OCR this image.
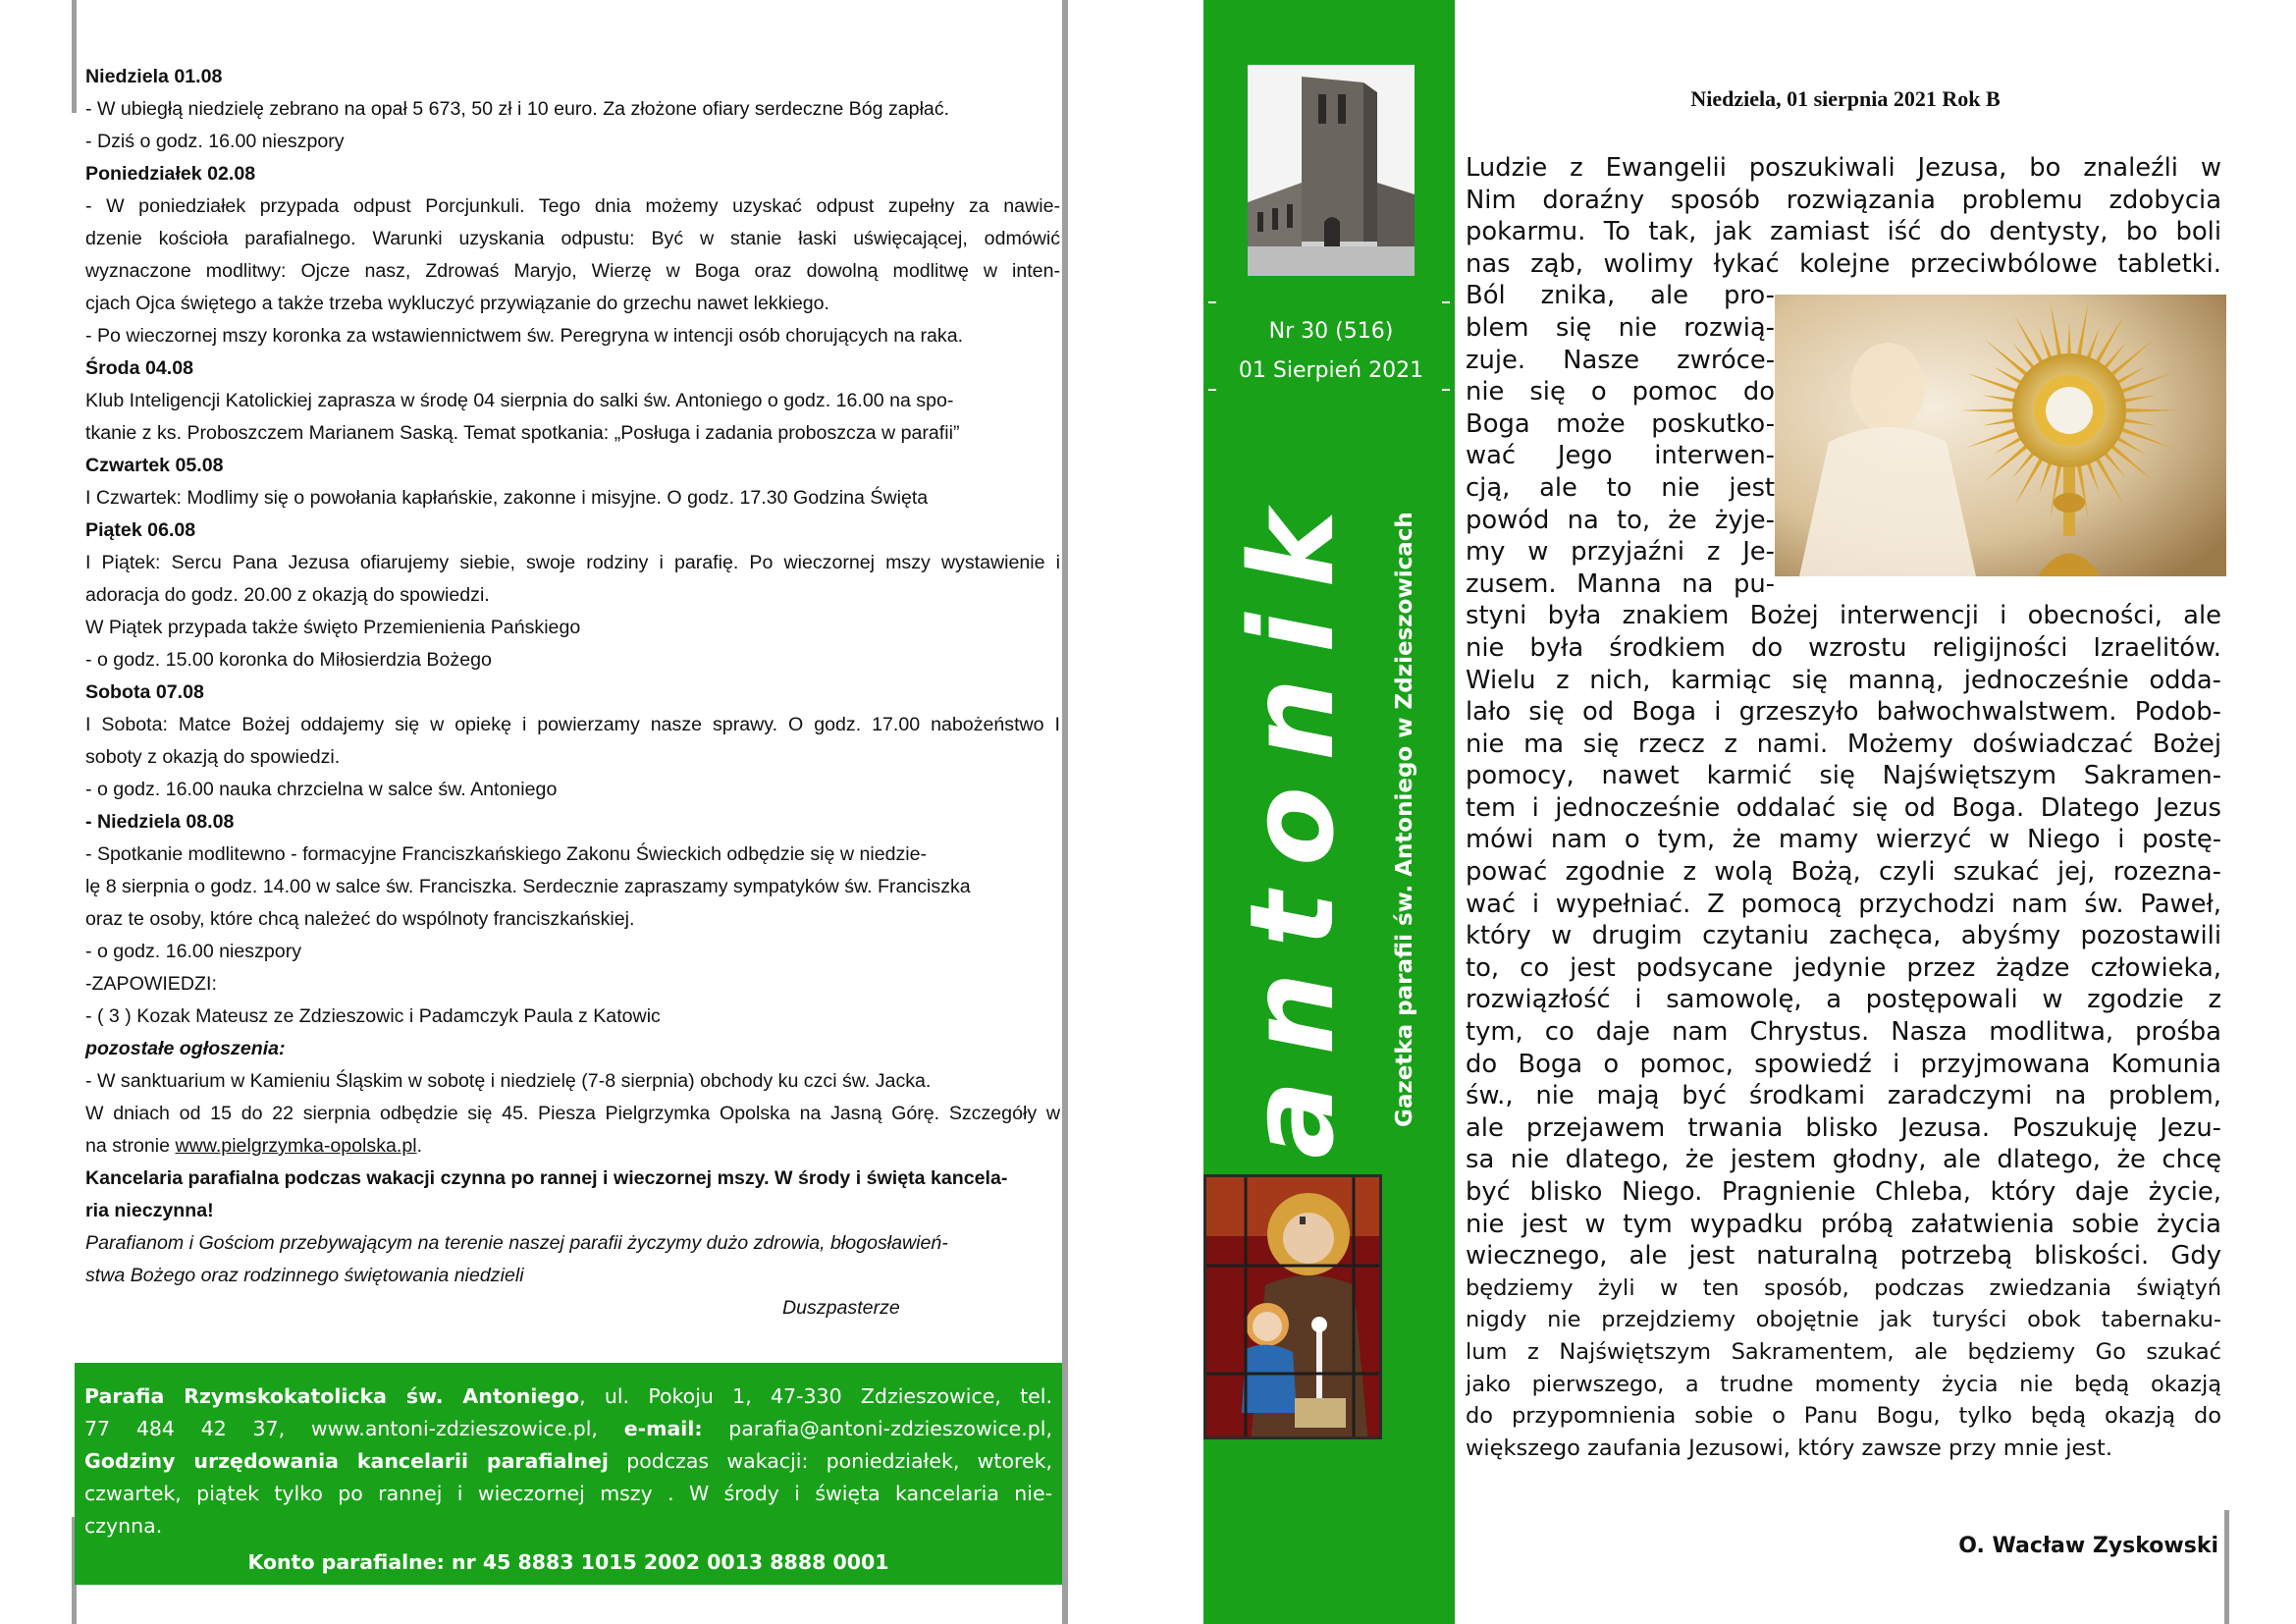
Niedziela 01.08
- W ubiegłą niedzielę zebrano na opał 5 673, 50 zł i 10 euro. Za złożone ofiary serdeczne Bóg zapłać.
- Dziś o godz. 16.00 nieszpory
Poniedziałek 02.08
- W poniedziałek przypada odpust Porcjunkuli. Tego dnia możemy uzyskać odpust zupełny za nawie-
dzenie kościoła parafialnego. Warunki uzyskania odpustu: Być w stanie łaski uświęcającej, odmówić
wyznaczone modlitwy: Ojcze nasz, Zdrowaś Maryjo, Wierzę w Boga oraz dowolną modlitwę w inten-
cjach Ojca świętego a także trzeba wykluczyć przywiązanie do grzechu nawet lekkiego.
- Po wieczornej mszy koronka za wstawiennictwem św. Peregryna w intencji osób chorujących na raka.
Środa 04.08
Klub Inteligencji Katolickiej zaprasza w środę 04 sierpnia do salki św. Antoniego o godz. 16.00 na spo-
tkanie z ks. Proboszczem Marianem Saską. Temat spotkania: „Posługa i zadania proboszcza w parafii”
Czwartek 05.08
I Czwartek: Modlimy się o powołania kapłańskie, zakonne i misyjne. O godz. 17.30 Godzina Święta
Piątek 06.08
I Piątek: Sercu Pana Jezusa ofiarujemy siebie, swoje rodziny i parafię. Po wieczornej mszy wystawienie i
adoracja do godz. 20.00 z okazją do spowiedzi.
W Piątek przypada także święto Przemienienia Pańskiego
- o godz. 15.00 koronka do Miłosierdzia Bożego
Sobota 07.08
I Sobota: Matce Bożej oddajemy się w opiekę i powierzamy nasze sprawy. O godz. 17.00 nabożeństwo I
soboty z okazją do spowiedzi.
- o godz. 16.00 nauka chrzcielna w salce św. Antoniego
- Niedziela 08.08
- Spotkanie modlitewno - formacyjne Franciszkańskiego Zakonu Świeckich odbędzie się w niedzie-
lę 8 sierpnia o godz. 14.00 w salce św. Franciszka. Serdecznie zapraszamy sympatyków św. Franciszka
oraz te osoby, które chcą należeć do wspólnoty franciszkańskiej.
- o godz. 16.00 nieszpory
-ZAPOWIEDZI:
- ( 3 ) Kozak Mateusz ze Zdzieszowic i Padamczyk Paula z Katowic
pozostałe ogłoszenia:
- W sanktuarium w Kamieniu Śląskim w sobotę i niedzielę (7-8 sierpnia) obchody ku czci św. Jacka.
W dniach od 15 do 22 sierpnia odbędzie się 45. Piesza Pielgrzymka Opolska na Jasną Górę. Szczegóły w
na stronie www.pielgrzymka-opolska.pl.
Kancelaria parafialna podczas wakacji czynna po rannej i wieczornej mszy. W środy i święta kancela-
ria nieczynna!
Parafianom i Gościom przebywającym na terenie naszej parafii życzymy dużo zdrowia, błogosławień-
stwa Bożego oraz rodzinnego świętowania niedzieli
Duszpasterze
Parafia Rzymskokatolicka św. Antoniego, ul. Pokoju 1, 47-330 Zdzieszowice, tel.
77 484 42 37, www.antoni-zdzieszowice.pl, e-mail: parafia@antoni-zdzieszowice.pl,
Godziny urzędowania kancelarii parafialnej podczas wakacji: poniedziałek, wtorek,
czwartek, piątek tylko po rannej i wieczornej mszy . W środy i święta kancelaria nie-
czynna.
Konto parafialne: nr 45 8883 1015 2002 0013 8888 0001
Nr 30 (516)
01 Sierpień 2021
antonik	Gazetka parafii św. Antoniego w Zdzieszowicach
Niedziela, 01 sierpnia 2021 Rok B
Ludzie z Ewangelii poszukiwali Jezusa, bo znaleźli w
Nim doraźny sposób rozwiązania problemu zdobycia
pokarmu. To tak, jak zamiast iść do dentysty, bo boli
nas ząb, wolimy łykać kolejne przeciwbólowe tabletki.
Ból znika, ale pro-
blem się nie rozwią-
zuje. Nasze zwróce-
nie się o pomoc do
Boga może poskutko-
wać Jego interwen-
cją, ale to nie jest
powód na to, że żyje-
my w przyjaźni z Je-
zusem. Manna na pu-
styni była znakiem Bożej interwencji i obecności, ale
nie była środkiem do wzrostu religijności Izraelitów.
Wielu z nich, karmiąc się manną, jednocześnie odda-
lało się od Boga i grzeszyło bałwochwalstwem. Podob-
nie ma się rzecz z nami. Możemy doświadczać Bożej
pomocy, nawet karmić się Najświętszym Sakramen-
tem i jednocześnie oddalać się od Boga. Dlatego Jezus
mówi nam o tym, że mamy wierzyć w Niego i postę-
pować zgodnie z wolą Bożą, czyli szukać jej, rozezna-
wać i wypełniać. Z pomocą przychodzi nam św. Paweł,
który w drugim czytaniu zachęca, abyśmy pozostawili
to, co jest podsycane jedynie przez żądze człowieka,
rozwiązłość i samowolę, a postępowali w zgodzie z
tym, co daje nam Chrystus. Nasza modlitwa, prośba
do Boga o pomoc, spowiedź i przyjmowana Komunia
św., nie mają być środkami zaradczymi na problem,
ale przejawem trwania blisko Jezusa. Poszukuję Jezu-
sa nie dlatego, że jestem głodny, ale dlatego, że chcę
być blisko Niego. Pragnienie Chleba, który daje życie,
nie jest w tym wypadku próbą załatwienia sobie życia
wiecznego, ale jest naturalną potrzebą bliskości. Gdy
będziemy żyli w ten sposób, podczas zwiedzania świątyń
nigdy nie przejdziemy obojętnie jak turyści obok tabernaku-
lum z Najświętszym Sakramentem, ale będziemy Go szukać
jako pierwszego, a trudne momenty życia nie będą okazją
do przypomnienia sobie o Panu Bogu, tylko będą okazją do
większego zaufania Jezusowi, który zawsze przy mnie jest.
O. Wacław Zyskowski
